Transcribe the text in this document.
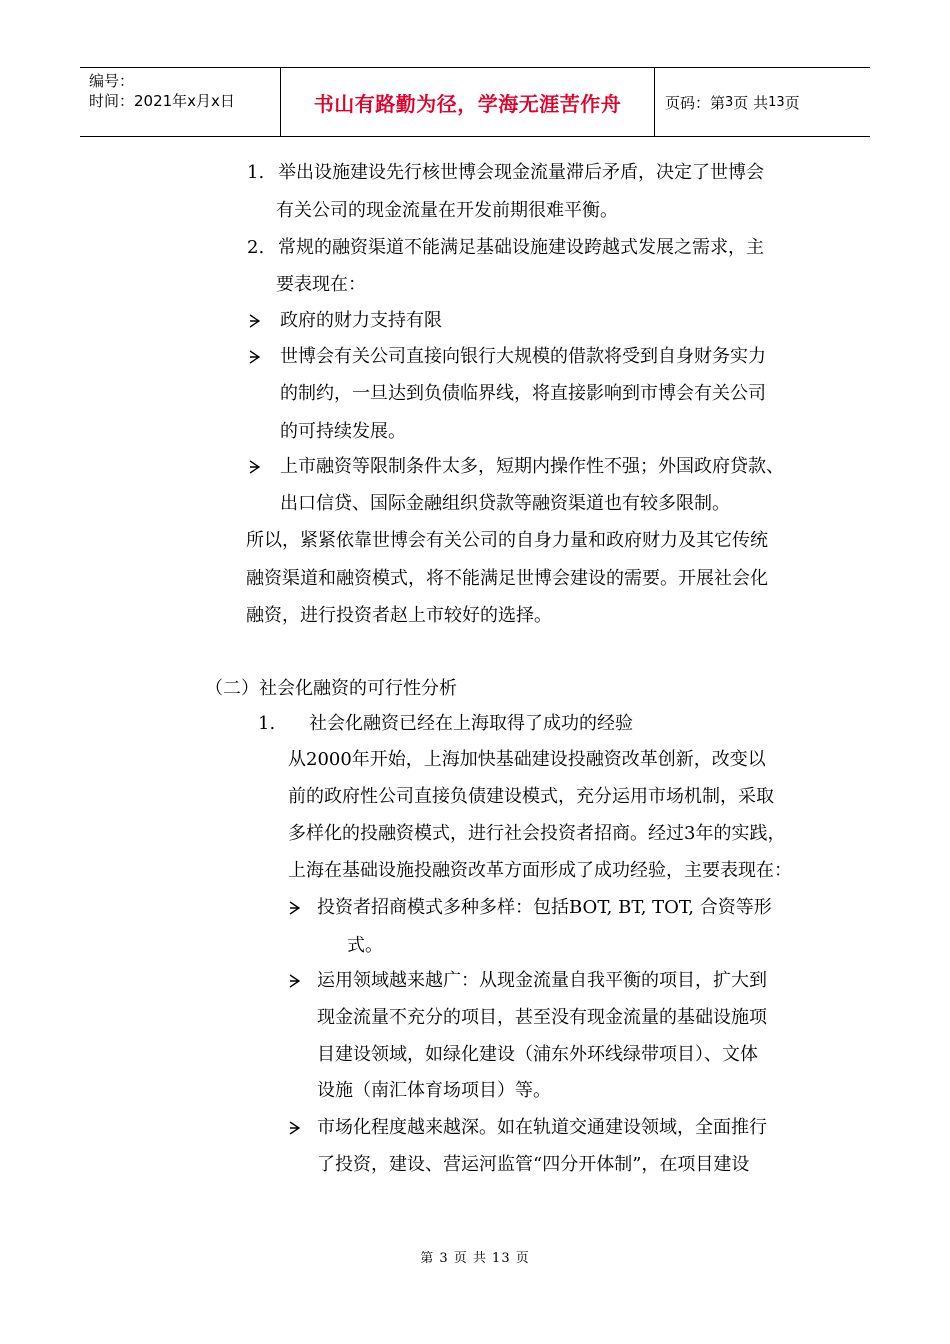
编号：
时间：2021年x月x日	书山有路勤为径，学海无涯苦作舟	页码：第 3 页 共 13 页
1. 举出设施建设先行核世博会现金流量滞后矛盾，决定了世博会
有关公司的现金流量在开发前期很难平衡。
2. 常规的融资渠道不能满足基础设施建设跨越式发展之需求，主
要表现在：
政府的财力支持有限
世博会有关公司直接向银行大规模的借款将受到自身财务实力
的制约，一旦达到负债临界线，将直接影响到市博会有关公司
的可持续发展。
上市融资等限制条件太多，短期内操作性不强；外国政府贷款、
出口信贷、国际金融组织贷款等融资渠道也有较多限制。
所以，紧紧依靠世博会有关公司的自身力量和政府财力及其它传统
融资渠道和融资模式，将不能满足世博会建设的需要。开展社会化
融资，进行投资者赵上市较好的选择。
（二）社会化融资的可行性分析
1. 社会化融资已经在上海取得了成功的经验
从2000年开始，上海加快基础建设投融资改革创新，改变以
前的政府性公司直接负债建设模式，充分运用市场机制，采取
多样化的投融资模式，进行社会投资者招商。经过3年的实践，
上海在基础设施投融资改革方面形成了成功经验，主要表现在：
投资者招商模式多种多样：包括BOT, BT, TOT, 合资等形
式。
运用领域越来越广：从现金流量自我平衡的项目，扩大到
现金流量不充分的项目，甚至没有现金流量的基础设施项
目建设领域，如绿化建设（浦东外环线绿带项目）、文体
设施（南汇体育场项目）等。
市场化程度越来越深。如在轨道交通建设领域，全面推行
了投资，建设、营运河监管“四分开体制”，在项目建设
第 3 页 共 13 页
